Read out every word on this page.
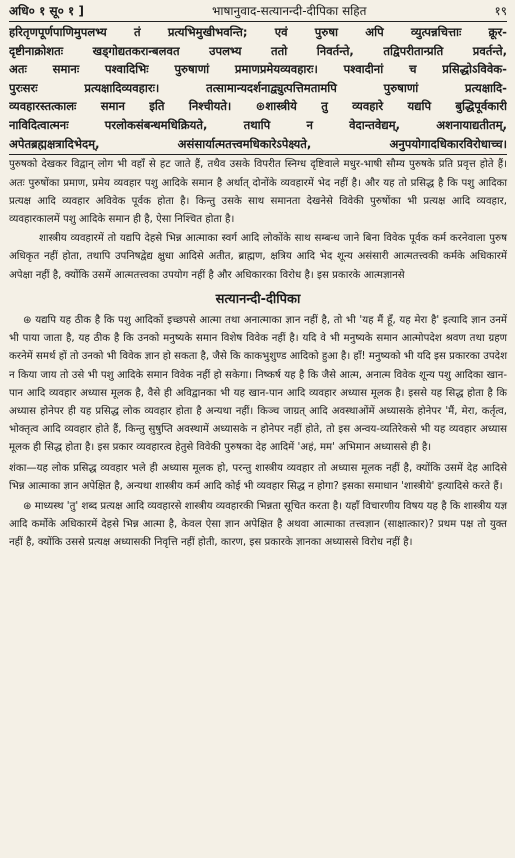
अधि० १ सू० १ ]	भाषानुवाद-सत्यानन्दी-दीपिका सहित	१९
हरितृणपूर्णपाणिमुपलभ्य तं प्रत्यभिमुखीभवन्ति; एवं पुरुषा अपि व्युत्पन्नचित्ताः क्रूर-
दृष्टीनाक्रोशतः खड्गोद्यतकरान्बलवत उपलभ्य ततो निवर्तन्ते, तद्विपरीतान्प्रति प्रवर्तन्ते,
अतः समानः पश्वादिभिः पुरुषाणां प्रमाणप्रमेयव्यवहारः। पश्वादीनां च प्रसिद्धोऽविवेक-
पुरःसरः प्रत्यक्षादिव्यवहारः। तत्सामान्यदर्शनाद्व्युत्पत्तिमतामपि पुरुषाणां प्रत्यक्षादि-
व्यवहारस्तत्कालः समान इति निश्चीयते। ⊛शास्त्रीये तु व्यवहारे यद्यपि बुद्धिपूर्वकारी
नाविदित्वात्मनः परलोकसंबन्धमधिक्रियते, तथापि न वेदान्तवेद्यम्, अशनायाद्यतीतम्,
अपेतब्रह्मक्षत्रादिभेदम्, असंसार्यात्मतत्त्वमधिकारेऽपेक्ष्यते, अनुपयोगादधिकारविरोधाच्च।

पुरुषको देखकर विद्वान् लोग भी वहाँ से हट जाते हैं, तथैव उसके विपरीत स्निग्ध दृष्टिवाले मधुर-भाषी सौम्य पुरुषके प्रति प्रवृत्त होते हैं। अतः पुरुषोंका प्रमाण, प्रमेय व्यवहार पशु आदिके समान है अर्थात् दोनोंके व्यवहारमें भेद नहीं है। और यह तो प्रसिद्ध है कि पशु आदिका प्रत्यक्ष आदि व्यवहार अविवेक पूर्वक होता है। किन्तु उसके साथ समानता देखनेसे विवेकी पुरुषोंका भी प्रत्यक्ष आदि व्यवहार, व्यवहारकालमें पशु आदिके समान ही है, ऐसा निश्चित होता है।

शास्त्रीय व्यवहारमें तो यद्यपि देहसे भिन्न आत्माका स्वर्ग आदि लोकोंके साथ सम्बन्ध जाने बिना विवेक पूर्वक कर्म करनेवाला पुरुष अधिकृत नहीं होता, तथापि उपनिषद्वेद्य क्षुधा आदिसे अतीत, ब्राह्मण, क्षत्रिय आदि भेद शून्य असंसारी आत्मतत्त्वकी कर्मके अधिकारमें अपेक्षा नहीं है, क्योंकि उसमें आत्मतत्त्वका उपयोग नहीं है और अधिकारका विरोध है। इस प्रकारके आत्मज्ञानसे

सत्यानन्दी-दीपिका

⊛ यद्यपि यह ठीक है कि पशु आदिकों इच्छपसे आत्मा तथा अनात्माका ज्ञान नहीं है, तो भी 'यह मैं हूँ, यह मेरा है' इत्यादि ज्ञान उनमें भी पाया जाता है, यह ठीक है कि उनको मनुष्यके समान विशेष विवेक नहीं है। यदि वे भी मनुष्यके समान आत्मोपदेश श्रवण तथा ग्रहण करनेमें समर्थ हों तो उनको भी विवेक ज्ञान हो सकता है, जैसे कि काकभुशुण्ड आदिको हुआ है। हाँ! मनुष्यको भी यदि इस प्रकारका उपदेश न किया जाय तो उसे भी पशु आदिके समान विवेक नहीं हो सकेगा। निष्कर्ष यह है कि जैसे आत्म, अनात्म विवेक शून्य पशु आदिका खान-पान आदि व्यवहार अध्यास मूलक है, वैसे ही अविद्वानका भी यह खान-पान आदि व्यवहार अध्यास मूलक है। इससे यह सिद्ध होता है कि अध्यास होनेपर ही यह प्रसिद्ध लोक व्यवहार होता है अन्यथा नहीं। किञ्च जाग्रत् आदि अवस्थाओंमें अध्यासके होनेपर 'मैं, मेरा, कर्तृत्व, भोक्तृत्व आदि व्यवहार होते हैं, किन्तु सुषुप्ति अवस्थामें अध्यासके न होनेपर नहीं होते, तो इस अन्वय-व्यतिरेकसे भी यह व्यवहार अध्यास मूलक ही सिद्ध होता है। इस प्रकार व्यवहारत्व हेतुसे विवेकी पुरुषका देह आदिमें 'अहं, मम' अभिमान अध्याससे ही है।

शंका—यह लोक प्रसिद्ध व्यवहार भले ही अध्यास मूलक हो, परन्तु शास्त्रीय व्यवहार तो अध्यास मूलक नहीं है, क्योंकि उसमें देह आदिसे भिन्न आत्माका ज्ञान अपेक्षित है, अन्यथा शास्त्रीय कर्म आदि कोई भी व्यवहार सिद्ध न होगा? इसका समाधान 'शास्त्रीये' इत्यादिसे करते हैं।

⊛ माध्यस्थ 'तु' शब्द प्रत्यक्ष आदि व्यवहारसे शास्त्रीय व्यवहारकी भिन्नता सूचित करता है। यहाँ विचारणीय विषय यह है कि शास्त्रीय यज्ञ आदि कर्मोके अधिकारमें देहसे भिन्न आत्मा है, केवल ऐसा ज्ञान अपेक्षित है अथवा आत्माका तत्त्वज्ञान (साक्षात्कार)? प्रथम पक्ष तो युक्त नहीं है, क्योंकि उससे प्रत्यक्ष अध्यासकी निवृत्ति नहीं होती, कारण, इस प्रकारके ज्ञानका अध्याससे विरोध नहीं है।
